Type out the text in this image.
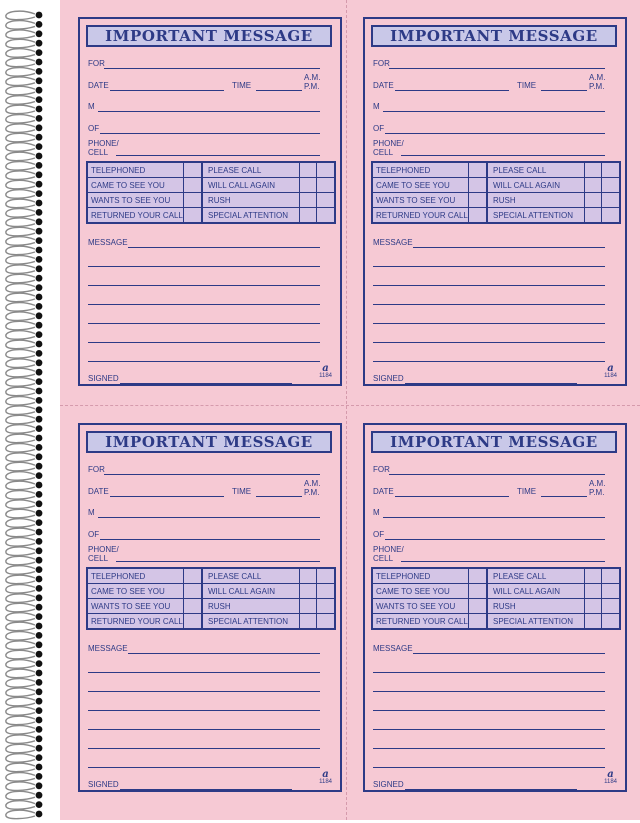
IMPORTANT MESSAGE
FOR
DATE	TIME
A.M.
P.M.
M
OF
PHONE/
CELL
TELEPHONED	PLEASE CALL
CAME TO SEE YOU	WILL CALL AGAIN
WANTS TO SEE YOU	RUSH
RETURNED YOUR CALL	SPECIAL ATTENTION
MESSAGE
SIGNED
a
1184
IMPORTANT MESSAGE
FOR
DATE	TIME
A.M.
P.M.
M
OF
PHONE/
CELL
TELEPHONED	PLEASE CALL
CAME TO SEE YOU	WILL CALL AGAIN
WANTS TO SEE YOU	RUSH
RETURNED YOUR CALL	SPECIAL ATTENTION
MESSAGE
SIGNED
a
1184
IMPORTANT MESSAGE
FOR
DATE	TIME
A.M.
P.M.
M
OF
PHONE/
CELL
TELEPHONED	PLEASE CALL
CAME TO SEE YOU	WILL CALL AGAIN
WANTS TO SEE YOU	RUSH
RETURNED YOUR CALL	SPECIAL ATTENTION
MESSAGE
SIGNED
a
1184
IMPORTANT MESSAGE
FOR
DATE	TIME
A.M.
P.M.
M
OF
PHONE/
CELL
TELEPHONED	PLEASE CALL
CAME TO SEE YOU	WILL CALL AGAIN
WANTS TO SEE YOU	RUSH
RETURNED YOUR CALL	SPECIAL ATTENTION
MESSAGE
SIGNED
a
1184
